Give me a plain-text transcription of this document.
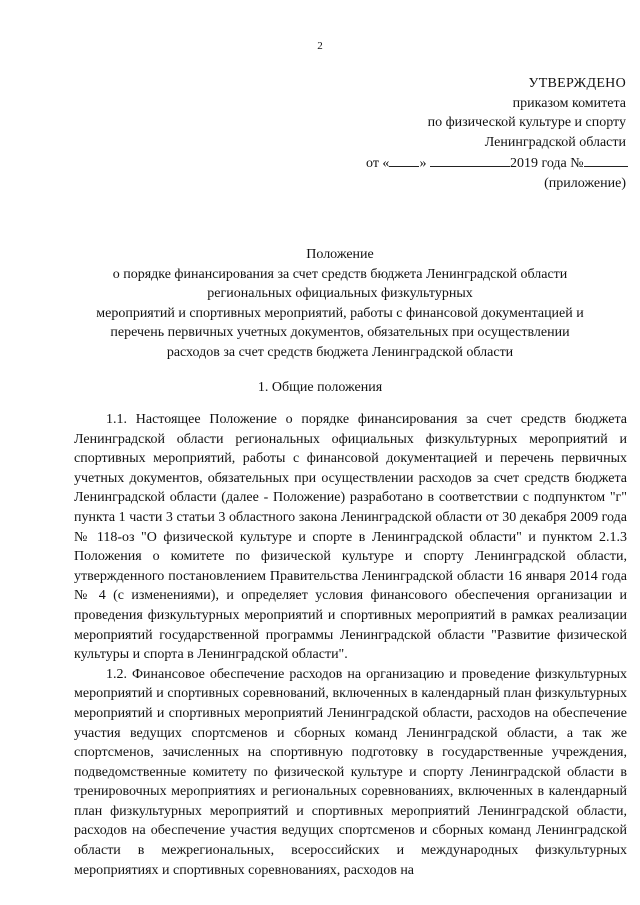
2
УТВЕРЖДЕНО
приказом комитета
по физической культуре и спорту
Ленинградской области
от « »	2019 года №
(приложение)
Положение
о порядке финансирования за счет средств бюджета Ленинградской области
региональных официальных физкультурных
мероприятий и спортивных мероприятий, работы с финансовой документацией и
перечень первичных учетных документов, обязательных при осуществлении
расходов за счет средств бюджета Ленинградской области
1. Общие положения

1.1. Настоящее Положение о порядке финансирования за счет средств бюджета Ленинградской области региональных официальных физкультурных мероприятий и спортивных мероприятий, работы с финансовой документацией и перечень первичных учетных документов, обязательных при осуществлении расходов за счет средств бюджета Ленинградской области (далее - Положение) разработано в соответствии с подпунктом "г" пункта 1 части 3 статьи 3 областного закона Ленинградской области от 30 декабря 2009 года № 118-оз "О физической культуре и спорте в Ленинградской области" и пунктом 2.1.3 Положения о комитете по физической культуре и спорту Ленинградской области, утвержденного постановлением Правительства Ленинградской области 16 января 2014 года № 4 (с изменениями), и определяет условия финансового обеспечения организации и проведения физкультурных мероприятий и спортивных мероприятий в рамках реализации мероприятий государственной программы Ленинградской области "Развитие физической культуры и спорта в Ленинградской области".

1.2. Финансовое обеспечение расходов на организацию и проведение физкультурных мероприятий и спортивных соревнований, включенных в календарный план физкультурных мероприятий и спортивных мероприятий Ленинградской области, расходов на обеспечение участия ведущих спортсменов и сборных команд Ленинградской области, а так же спортсменов, зачисленных на спортивную подготовку в государственные учреждения, подведомственные комитету по физической культуре и спорту Ленинградской области в тренировочных мероприятиях и региональных соревнованиях, включенных в календарный план физкультурных мероприятий и спортивных мероприятий Ленинградской области, расходов на обеспечение участия ведущих спортсменов и сборных команд Ленинградской области в межрегиональных, всероссийских и международных физкультурных мероприятиях и спортивных соревнованиях, расходов на
